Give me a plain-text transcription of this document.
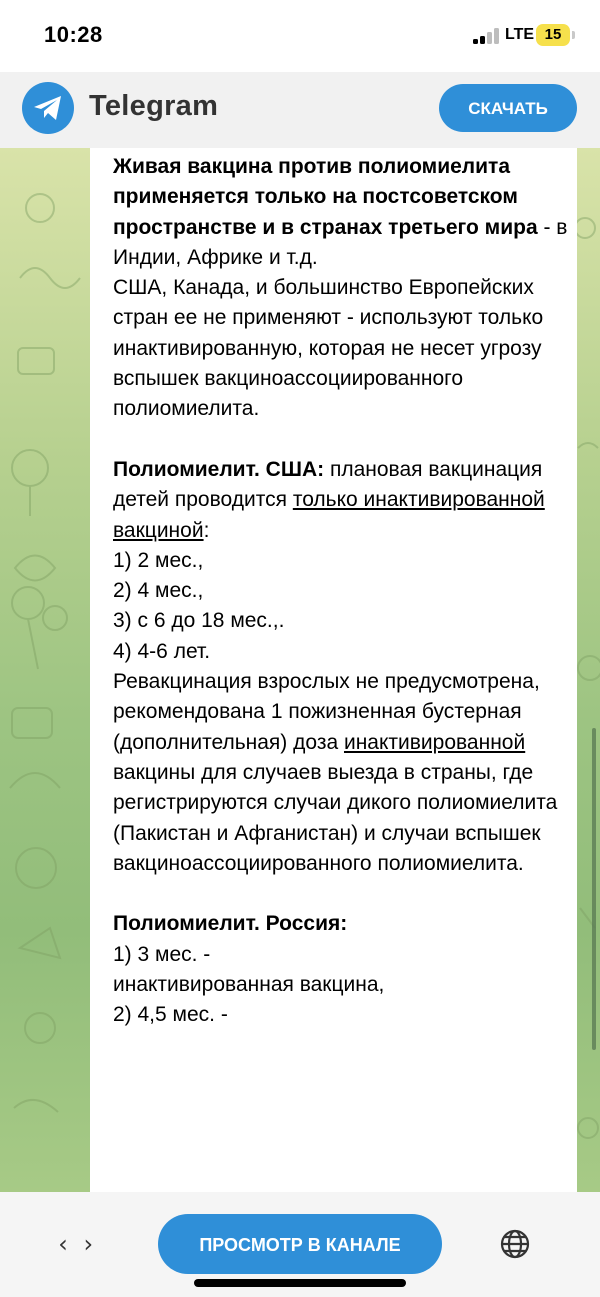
10:28	LTE 15
Telegram	СКАЧАТЬ
Живая вакцина против полиомиелита применяется только на постсоветском пространстве и в странах третьего мира - в Индии, Африке и т.д.
США, Канада, и большинство Европейских стран ее не применяют - используют только инактивированную, которая не несет угрозу вспышек вакциноассоциированного полиомиелита.

Полиомиелит. США: плановая вакцинация детей проводится только инактивированной вакциной:
1) 2 мес.,
2) 4 мес.,
3) с 6 до 18 мес.,.
4) 4-6 лет.
Ревакцинация взрослых не предусмотрена, рекомендована 1 пожизненная бустерная (дополнительная) доза инактивированной вакцины для случаев выезда в страны, где регистрируются случаи дикого полиомиелита (Пакистан и Афганистан) и случаи вспышек вакциноассоциированного полиомиелита.

Полиомиелит. Россия:
1) 3 мес. -
инактивированная вакцина,
2) 4,5 мес. -
‹ ›	ПРОСМОТР В КАНАЛЕ
